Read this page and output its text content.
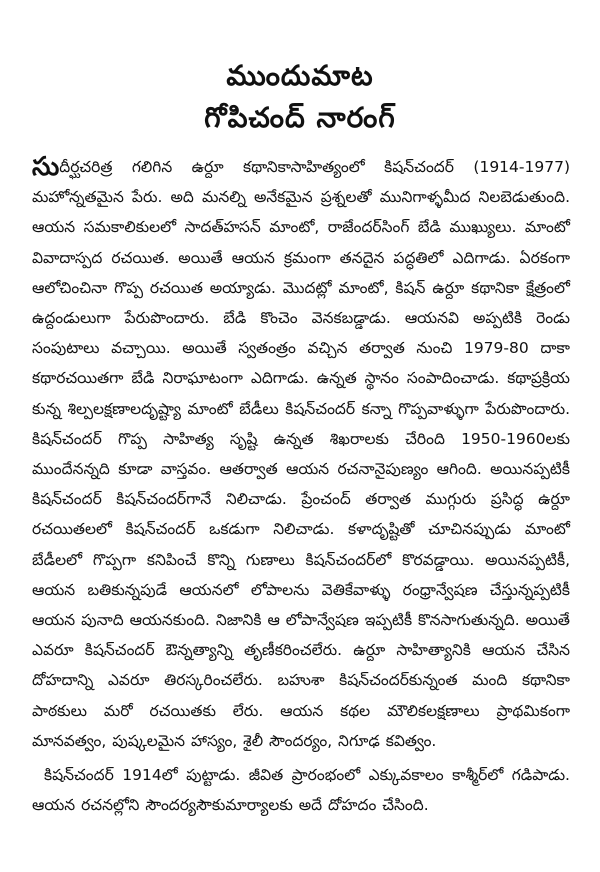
ముందుమాట
గోపిచంద్ నారంగ్

సుదీర్ఘచరిత్ర గలిగిన ఉర్దూ కథానికాసాహిత్యంలో కిషన్‌చందర్ (1914-1977) మహోన్నతమైన పేరు. అది మనల్ని అనేకమైన ప్రశ్నలతో మునిగాళ్ళమీద నిలబెడుతుంది. ఆయన సమకాలికులలో సాదత్‌హసన్ మాంటో, రాజేందర్‌సింగ్ బేడి ముఖ్యులు. మాంటో వివాదాస్పద రచయిత. అయితే ఆయన క్రమంగా తనదైన పద్ధతిలో ఎదిగాడు. ఏరకంగా ఆలోచించినా గొప్ప రచయిత అయ్యాడు. మొదట్లో మాంటో, కిషన్ ఉర్దూ కథానికా క్షేత్రంలో ఉద్దండులుగా పేరుపొందారు. బేడి కొంచెం వెనకబడ్డాడు. ఆయనవి అప్పటికి రెండు సంపుటాలు వచ్చాయి. అయితే స్వతంత్రం వచ్చిన తర్వాత నుంచి 1979-80 దాకా కథారచయితగా బేడి నిరాఘాటంగా ఎదిగాడు. ఉన్నత స్థానం సంపాదించాడు. కథాప్రక్రియ కున్న శిల్పలక్షణాలదృష్ట్యా మాంటో బేడీలు కిషన్‌చందర్ కన్నా గొప్పవాళ్ళుగా పేరుపొందారు. కిషన్‌చందర్ గొప్ప సాహిత్య సృష్టి ఉన్నత శిఖరాలకు చేరింది 1950-1960లకు ముందేనన్నది కూడా వాస్తవం. ఆతర్వాత ఆయన రచనానైపుణ్యం ఆగింది. అయినప్పటికీ కిషన్‌చందర్ కిషన్‌చందర్‌గానే నిలిచాడు. ప్రేంచంద్ తర్వాత ముగ్గురు ప్రసిద్ధ ఉర్దూ రచయితలలో కిషన్‌చందర్ ఒకడుగా నిలిచాడు. కళాదృష్టితో చూచినప్పుడు మాంటో బేడీలలో గొప్పగా కనిపించే కొన్ని గుణాలు కిషన్‌చందర్‌లో కొరవడ్డాయి. అయినప్పటికీ, ఆయన బతికున్నపుడే ఆయనలో లోపాలను వెతికేవాళ్ళు రంధ్రాన్వేషణ చేస్తున్నప్పటికీ ఆయన పునాది ఆయనకుంది. నిజానికి ఆ లోపాన్వేషణ ఇప్పటికీ కొనసాగుతున్నది. అయితే ఎవరూ కిషన్‌చందర్ ఔన్నత్యాన్ని తృణీకరించలేరు. ఉర్దూ సాహిత్యానికి ఆయన చేసిన దోహదాన్ని ఎవరూ తిరస్కరించలేరు. బహుశా కిషన్‌చందర్‌కున్నంత మంది కథానికా పాఠకులు మరో రచయితకు లేరు. ఆయన కథల మౌలికలక్షణాలు ప్రాథమికంగా మానవత్వం, పుష్కలమైన హాస్యం, శైలీ సౌందర్యం, నిగూఢ కవిత్వం.

కిషన్‌చందర్ 1914లో పుట్టాడు. జీవిత ప్రారంభంలో ఎక్కువకాలం కాశ్మీర్‌లో గడిపాడు. ఆయన రచనల్లోని సౌందర్యసౌకుమార్యాలకు అదే దోహదం చేసింది.
